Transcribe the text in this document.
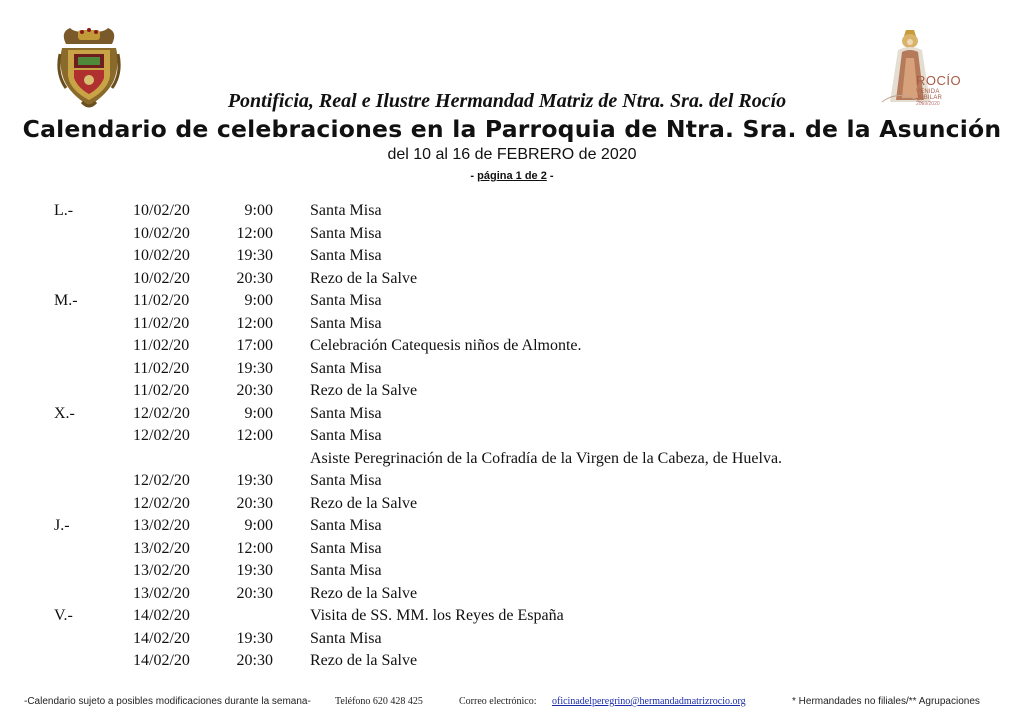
ROCÍO
VENIDA JUBILAR
2019/2020
Pontificia, Real e Ilustre Hermandad Matriz de Ntra. Sra. del Rocío
Calendario de celebraciones en la Parroquia de Ntra. Sra. de la Asunción
del 10 al 16 de FEBRERO de 2020
- página 1 de 2 -
L.-	10/02/20	9:00 Santa Misa
10/02/20	12:00 Santa Misa
10/02/20	19:30 Santa Misa
10/02/20	20:30 Rezo de la Salve
M.-	11/02/20	9:00 Santa Misa
11/02/20	12:00 Santa Misa
11/02/20	17:00 Celebración Catequesis niños de Almonte.
11/02/20	19:30 Santa Misa
11/02/20	20:30 Rezo de la Salve
X.-	12/02/20	9:00 Santa Misa
12/02/20	12:00 Santa Misa
Asiste Peregrinación de la Cofradía de la Virgen de la Cabeza, de Huelva.
12/02/20	19:30 Santa Misa
12/02/20	20:30 Rezo de la Salve
J.-	13/02/20	9:00 Santa Misa
13/02/20	12:00 Santa Misa
13/02/20	19:30 Santa Misa
13/02/20	20:30 Rezo de la Salve
V.-	14/02/20	Visita de SS. MM. los Reyes de España
14/02/20	19:30 Santa Misa
14/02/20	20:30 Rezo de la Salve
-Calendario sujeto a posibles modificaciones durante la semana- Teléfono 620 428 425	Correo electrónico: oficinadelperegrino@hermandadmatrizrocio.org	* Hermandades no filiales/** Agrupaciones
